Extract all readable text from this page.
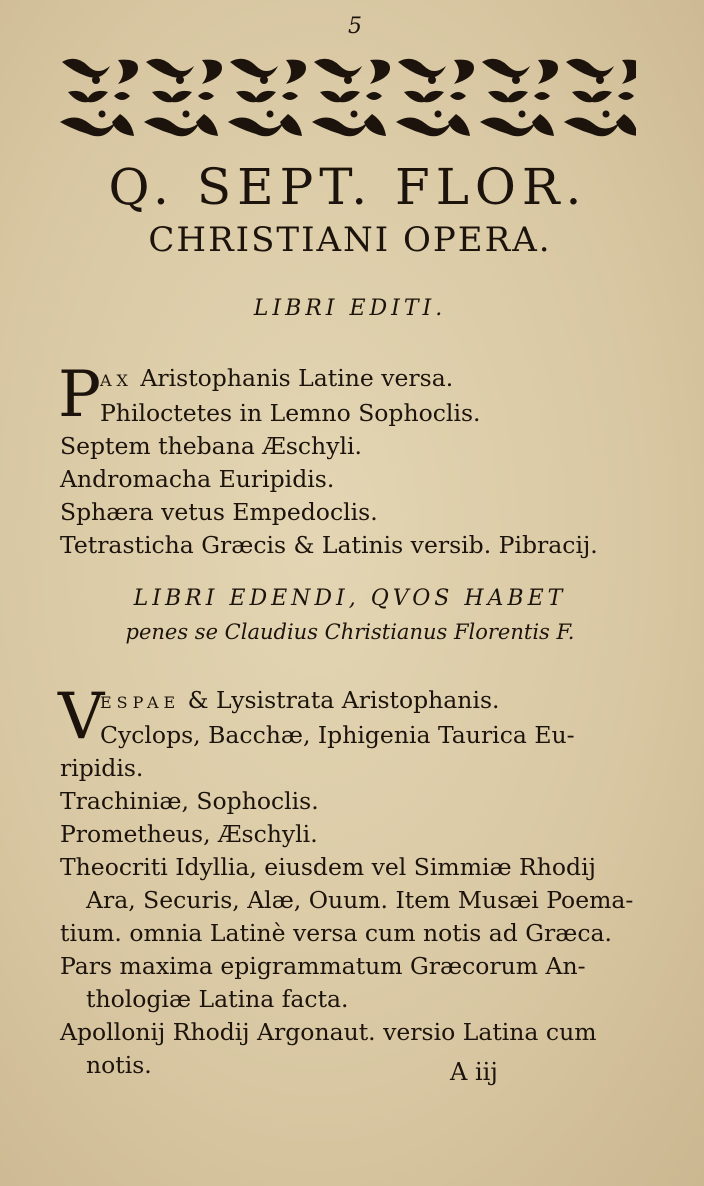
5
Q. SEPT. FLOR.
CHRISTIANI OPERA.
LIBRI EDITI.
P
AX Aristophanis Latine versa.
Philoctetes in Lemno Sophoclis.
Septem thebana Æschyli.
Andromacha Euripidis.
Sphæra vetus Empedoclis.
Tetrasticha Græcis & Latinis versib. Pibracij.
LIBRI EDENDI, QVOS HABET
penes se Claudius Christianus Florentis F.
V
ESPAE & Lysistrata Aristophanis.
Cyclops, Bacchæ, Iphigenia Taurica Eu-
ripidis.
Trachiniæ, Sophoclis.
Prometheus, Æschyli.
Theocriti Idyllia, eiusdem vel Simmiæ Rhodij
Ara, Securis, Alæ, Ouum. Item Musæi Poema-
tium. omnia Latinè versa cum notis ad Græca.
Pars maxima epigrammatum Græcorum An-
thologiæ Latina facta.
Apollonij Rhodij Argonaut. versio Latina cum
notis.	A iij
